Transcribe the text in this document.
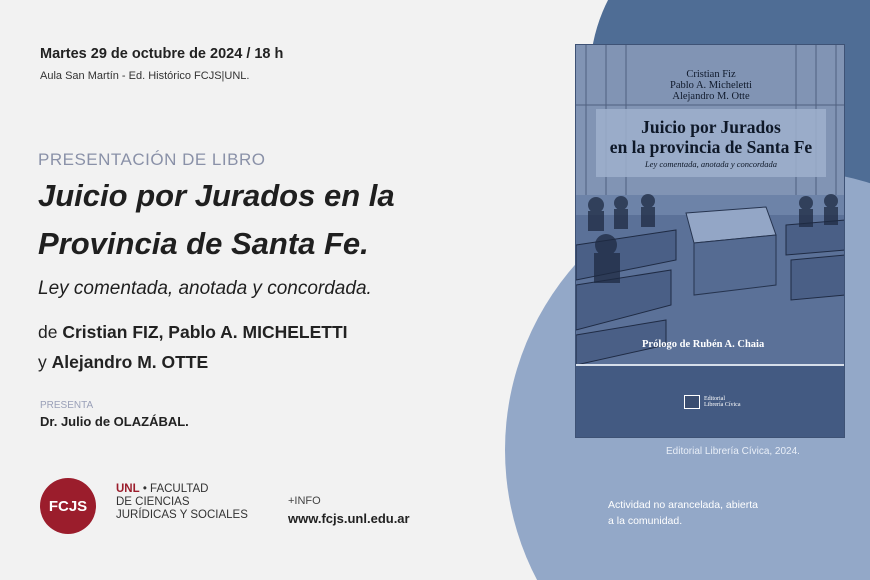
Martes 29 de octubre de 2024 / 18 h
Aula San Martín - Ed. Histórico FCJS|UNL.
PRESENTACIÓN DE LIBRO
Juicio por Jurados en la
Provincia de Santa Fe.
Ley comentada, anotada y concordada.
de Cristian FIZ, Pablo A. MICHELETTI
y Alejandro M. OTTE
PRESENTA
Dr. Julio de OLAZÁBAL.
FCJS
UNL • FACULTAD
DE CIENCIAS
JURÍDICAS Y SOCIALES
+INFO
www.fcjs.unl.edu.ar
Cristian Fiz
Pablo A. Micheletti
Alejandro M. Otte
Juicio por Jurados
en la provincia de Santa Fe
Ley comentada, anotada y concordada
Prólogo de Rubén A. Chaia
Editorial
Librería Cívica
Editorial Librería Cívica, 2024.
Actividad no arancelada, abierta
a la comunidad.
